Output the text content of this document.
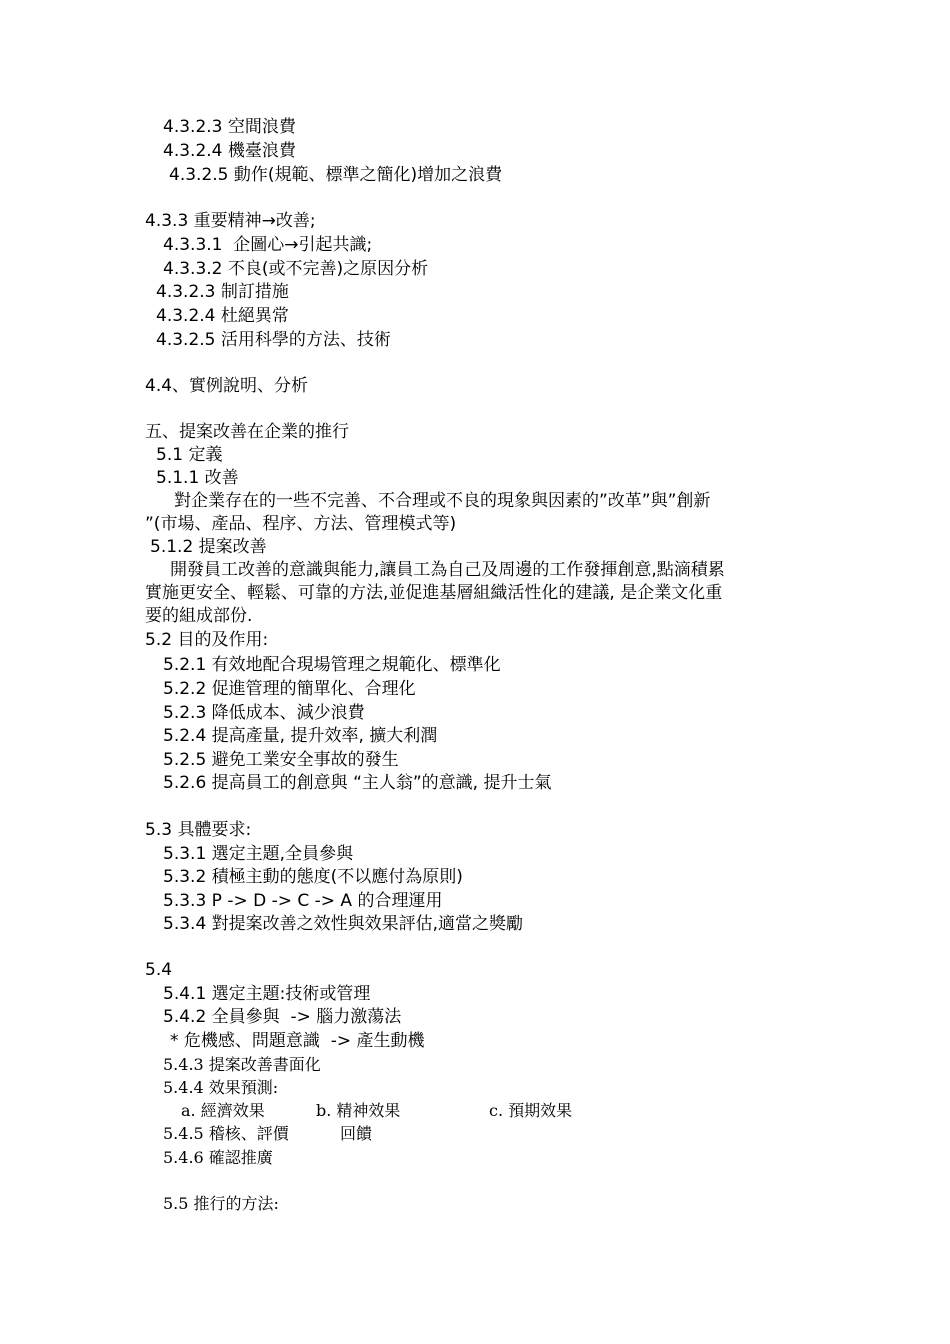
4.3.2.3 空間浪費
4.3.2.4 機臺浪費
4.3.2.5 動作(規範、標準之簡化)增加之浪費
4.3.3 重要精神→改善;
4.3.3.1  企圖心→引起共識;
4.3.3.2 不良(或不完善)之原因分析
4.3.2.3 制訂措施
4.3.2.4 杜絕異常
4.3.2.5 活用科學的方法、技術
4.4、實例說明、分析
五、提案改善在企業的推行
5.1 定義
5.1.1 改善
對企業存在的一些不完善、不合理或不良的現象與因素的”改革”與”創新
”(市場、產品、程序、方法、管理模式等)
5.1.2 提案改善
開發員工改善的意識與能力,讓員工為自己及周邊的工作發揮創意,點滴積累
實施更安全、輕鬆、可靠的方法,並促進基層組織活性化的建議, 是企業文化重
要的組成部份.
5.2 目的及作用:
5.2.1 有效地配合現場管理之規範化、標準化
5.2.2 促進管理的簡單化、合理化
5.2.3 降低成本、減少浪費
5.2.4 提高產量, 提升效率, 擴大利潤
5.2.5 避免工業安全事故的發生
5.2.6 提高員工的創意與 “主人翁”的意識, 提升士氣
5.3 具體要求:
5.3.1 選定主題,全員參與
5.3.2 積極主動的態度(不以應付為原則)
5.3.3 P -> D -> C -> A 的合理運用
5.3.4 對提案改善之效性與效果評估,適當之獎勵
5.4
5.4.1 選定主題:技術或管理
5.4.2 全員參與  -> 腦力激蕩法
* 危機感、問題意識  -> 產生動機
5.4.3 提案改善書面化
5.4.4 效果預測:
a. 經濟效果	b. 精神效果	c. 預期效果
5.4.5 稽核、評價	回饋
5.4.6 確認推廣
5.5 推行的方法:
